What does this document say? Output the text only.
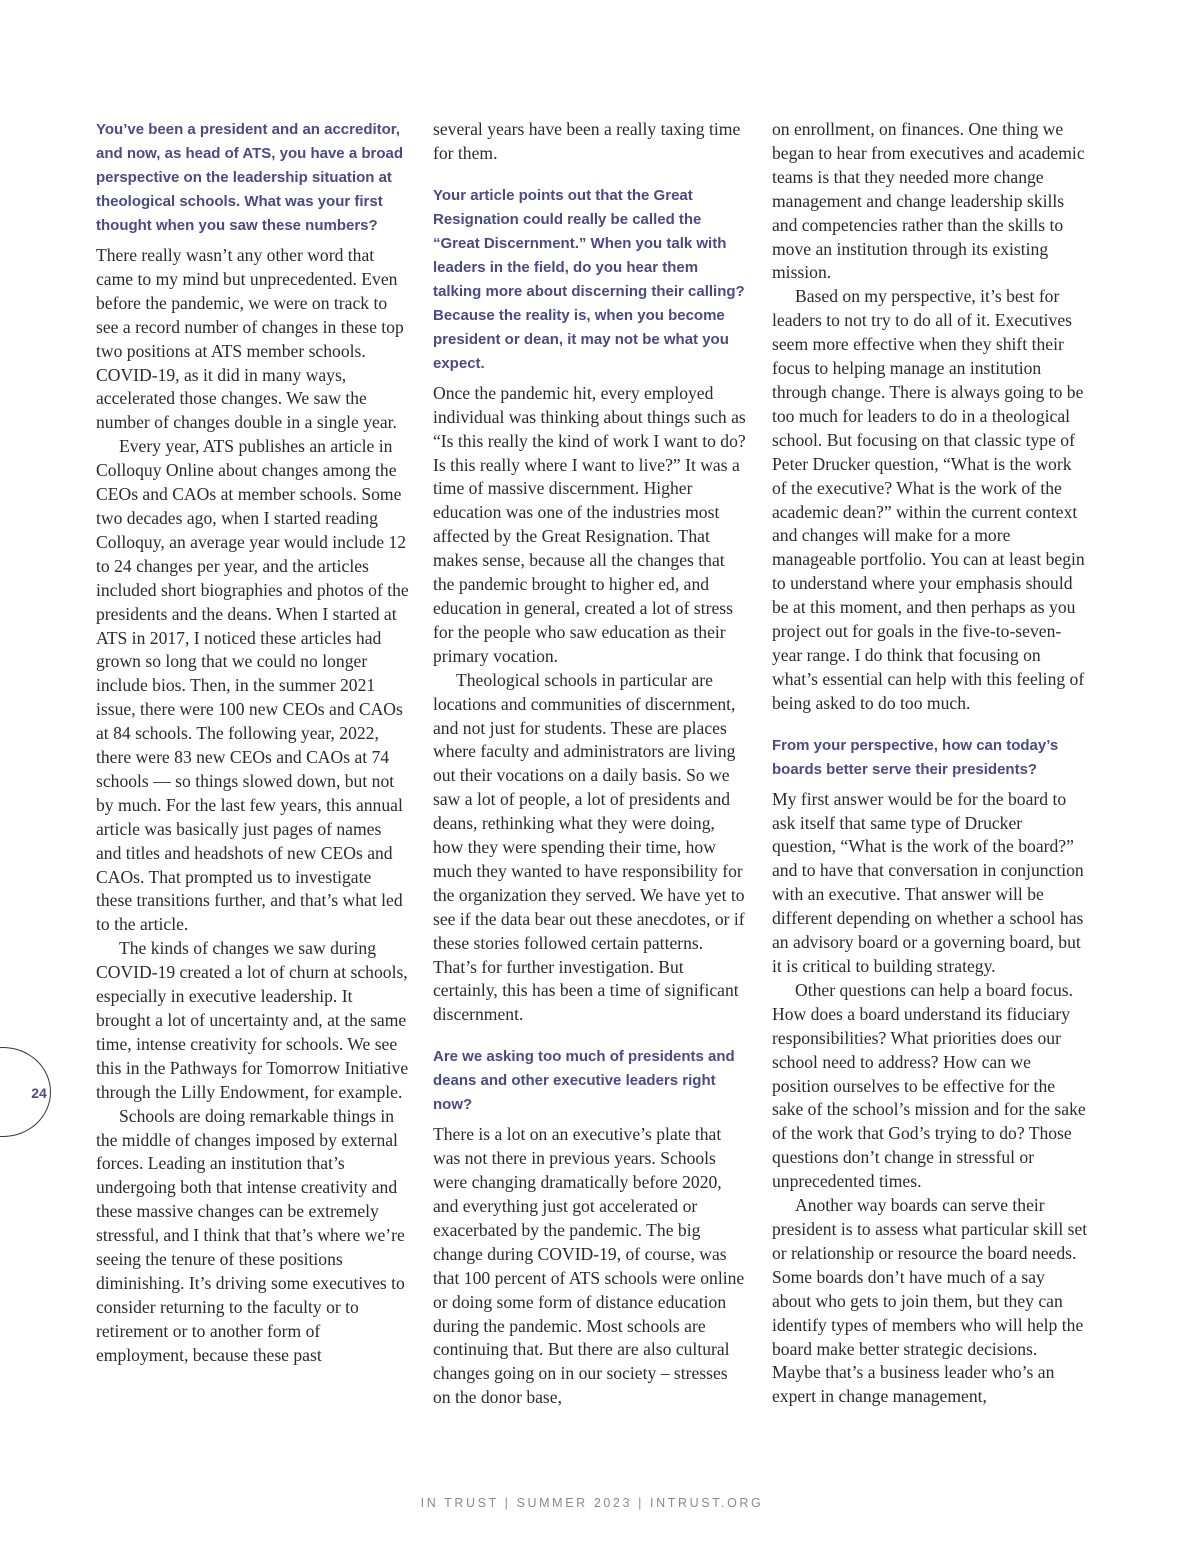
You’ve been a president and an accreditor, and now, as head of ATS, you have a broad perspective on the leadership situation at theological schools. What was your first thought when you saw these numbers?

There really wasn’t any other word that came to my mind but unprecedented. Even before the pandemic, we were on track to see a record number of changes in these top two positions at ATS member schools. COVID-19, as it did in many ways, accelerated those changes. We saw the number of changes double in a single year.

Every year, ATS publishes an article in Colloquy Online about changes among the CEOs and CAOs at member schools. Some two decades ago, when I started reading Colloquy, an average year would include 12 to 24 changes per year, and the articles included short biographies and photos of the presidents and the deans. When I started at ATS in 2017, I noticed these articles had grown so long that we could no longer include bios. Then, in the summer 2021 issue, there were 100 new CEOs and CAOs at 84 schools. The following year, 2022, there were 83 new CEOs and CAOs at 74 schools — so things slowed down, but not by much. For the last few years, this annual article was basically just pages of names and titles and headshots of new CEOs and CAOs. That prompted us to investigate these transitions further, and that’s what led to the article.

The kinds of changes we saw during COVID-19 created a lot of churn at schools, especially in executive leadership. It brought a lot of uncertainty and, at the same time, intense creativity for schools. We see this in the Pathways for Tomorrow Initiative through the Lilly Endowment, for example.

Schools are doing remarkable things in the middle of changes imposed by external forces. Leading an institution that’s undergoing both that intense creativity and these massive changes can be extremely stressful, and I think that that’s where we’re seeing the tenure of these positions diminishing. It’s driving some executives to consider returning to the faculty or to retirement or to another form of employment, because these past

several years have been a really taxing time for them.

Your article points out that the Great Resignation could really be called the “Great Discernment.” When you talk with leaders in the field, do you hear them talking more about discerning their calling? Because the reality is, when you become president or dean, it may not be what you expect.

Once the pandemic hit, every employed individual was thinking about things such as “Is this really the kind of work I want to do? Is this really where I want to live?” It was a time of massive discernment. Higher education was one of the industries most affected by the Great Resignation. That makes sense, because all the changes that the pandemic brought to higher ed, and education in general, created a lot of stress for the people who saw education as their primary vocation.

Theological schools in particular are locations and communities of discernment, and not just for students. These are places where faculty and administrators are living out their vocations on a daily basis. So we saw a lot of people, a lot of presidents and deans, rethinking what they were doing, how they were spending their time, how much they wanted to have responsibility for the organization they served. We have yet to see if the data bear out these anecdotes, or if these stories followed certain patterns. That’s for further investigation. But certainly, this has been a time of significant discernment.

Are we asking too much of presidents and deans and other executive leaders right now?

There is a lot on an executive’s plate that was not there in previous years. Schools were changing dramatically before 2020, and everything just got accelerated or exacerbated by the pandemic. The big change during COVID-19, of course, was that 100 percent of ATS schools were online or doing some form of distance education during the pandemic. Most schools are continuing that. But there are also cultural changes going on in our society – stresses on the donor base,

on enrollment, on finances. One thing we began to hear from executives and academic teams is that they needed more change management and change leadership skills and competencies rather than the skills to move an institution through its existing mission.

Based on my perspective, it’s best for leaders to not try to do all of it. Executives seem more effective when they shift their focus to helping manage an institution through change. There is always going to be too much for leaders to do in a theological school. But focusing on that classic type of Peter Drucker question, “What is the work of the executive? What is the work of the academic dean?” within the current context and changes will make for a more manageable portfolio. You can at least begin to understand where your emphasis should be at this moment, and then perhaps as you project out for goals in the five-to-seven-year range. I do think that focusing on what’s essential can help with this feeling of being asked to do too much.

From your perspective, how can today’s boards better serve their presidents?

My first answer would be for the board to ask itself that same type of Drucker question, “What is the work of the board?” and to have that conversation in conjunction with an executive. That answer will be different depending on whether a school has an advisory board or a governing board, but it is critical to building strategy.

Other questions can help a board focus. How does a board understand its fiduciary responsibilities? What priorities does our school need to address? How can we position ourselves to be effective for the sake of the school’s mission and for the sake of the work that God’s trying to do? Those questions don’t change in stressful or unprecedented times.

Another way boards can serve their president is to assess what particular skill set or relationship or resource the board needs. Some boards don’t have much of a say about who gets to join them, but they can identify types of members who will help the board make better strategic decisions. Maybe that’s a business leader who’s an expert in change management,

24
IN TRUST | SUMMER 2023 | INTRUST.ORG
